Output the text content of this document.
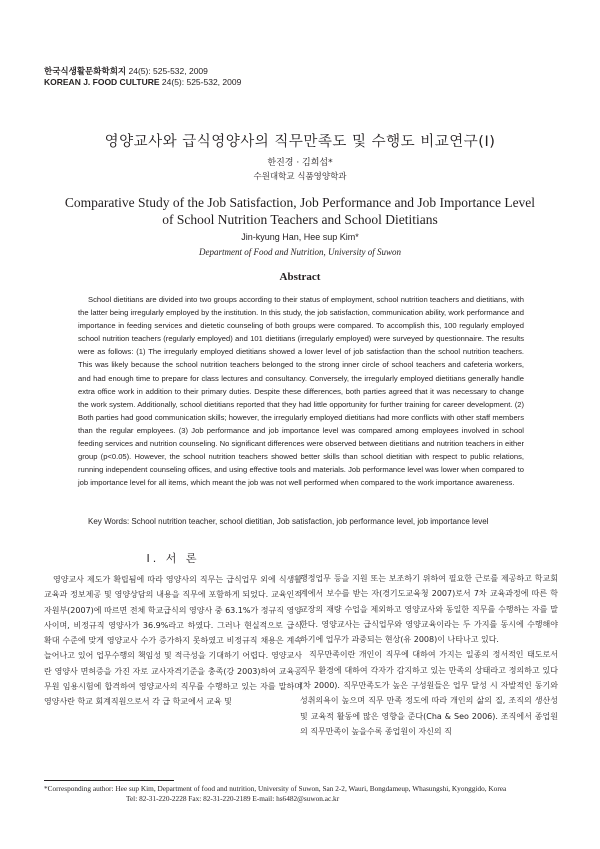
한국식생활문화학회지 24(5): 525-532, 2009
KOREAN J. FOOD CULTURE 24(5): 525-532, 2009
영양교사와 급식영양사의 직무만족도 및 수행도 비교연구(I)
한진경 · 김희섭*
수원대학교 식품영양학과
Comparative Study of the Job Satisfaction, Job Performance and Job Importance Level
of School Nutrition Teachers and School Dietitians
Jin-kyung Han, Hee sup Kim*
Department of Food and Nutrition, University of Suwon
Abstract

School dietitians are divided into two groups according to their status of employment, school nutrition teachers and dietitians, with the latter being irregularly employed by the institution. In this study, the job satisfaction, communication ability, work performance and importance in feeding services and dietetic counseling of both groups were compared. To accomplish this, 100 regularly employed school nutrition teachers (regularly employed) and 101 dietitians (irregularly employed) were surveyed by questionnaire. The results were as follows: (1) The irregularly employed dietitians showed a lower level of job satisfaction than the school nutrition teachers. This was likely because the school nutrition teachers belonged to the strong inner circle of school teachers and cafeteria workers, and had enough time to prepare for class lectures and consultancy. Conversely, the irregularly employed dietitians generally handle extra office work in addition to their primary duties. Despite these differences, both parties agreed that it was necessary to change the work system. Additionally, school dietitians reported that they had little opportunity for further training for career development. (2) Both parties had good communication skills; however, the irregularly employed dietitians had more conflicts with other staff members than the regular employees. (3) Job performance and job importance level was compared among employees involved in school feeding services and nutrition counseling. No significant differences were observed between dietitians and nutrition teachers in either group (p<0.05). However, the school nutrition teachers showed better skills than school dietitian with respect to public relations, running independent counseling offices, and using effective tools and materials. Job performance level was lower when compared to job importance level for all items, which meant the job was not well performed when compared to the work importance awareness.

Key Words: School nutrition teacher, school dietitian, Job satisfaction, job performance level, job importance level
I. 서 론

영양교사 제도가 확립됨에 따라 영양사의 직무는 급식업무 외에 식생활 교육과 정보제공 및 영양상담의 내용을 직무에 포함하게 되었다. 교육인적자원부(2007)에 따르면 전체 학교급식의 영양사 중 63.1%가 정규직 영양사이며, 비정규직 영양사가 36.9%라고 하였다. 그러나 현실적으로 급식 확대 수준에 맞게 영양교사 수가 증가하지 못하였고 비정규직 채용은 계속 늘어나고 있어 업무수행의 책임성 및 적극성을 기대하기 어렵다. 영양교사란 영양사 면허증을 가진 자로 교사자격기준을 충족(강 2003)하여 교육공무원 임용시험에 합격하여 영양교사의 직무를 수행하고 있는 자를 말하며 영양사란 학교 회계직원으로서 각 급 학교에서 교육 및

행정업무 등을 지원 또는 보조하기 위하여 필요한 근로를 제공하고 학교회계에서 보수를 받는 자(경기도교육청 2007)로서 7차 교육과정에 따른 학교장의 재량 수업을 제외하고 영양교사와 동일한 직무를 수행하는 자를 말한다. 영양교사는 급식업무와 영양교육이라는 두 가지를 동시에 수행해야 하기에 업무가 과중되는 현상(유 2008)이 나타나고 있다.

직무만족이란 개인이 직무에 대하여 가지는 일종의 정서적인 태도로서 직무 환경에 대하여 각자가 감지하고 있는 만족의 상태라고 정의하고 있다(차 2000). 직무만족도가 높은 구성원들은 업무 달성 시 자발적인 동기와 성취의욕이 높으며 직무 만족 정도에 따라 개인의 삶의 질, 조직의 생산성 및 교육적 활동에 많은 영향을 준다(Cha & Seo 2006). 조직에서 종업원의 직무만족이 높을수록 종업원이 자신의 직

*Corresponding author: Hee sup Kim, Department of food and nutrition, University of Suwon, San 2-2, Wauri, Bongdameup, Whasungshi, Kyonggido, Korea
Tel: 82-31-220-2228 Fax: 82-31-220-2189 E-mail: hs6482@suwon.ac.kr
